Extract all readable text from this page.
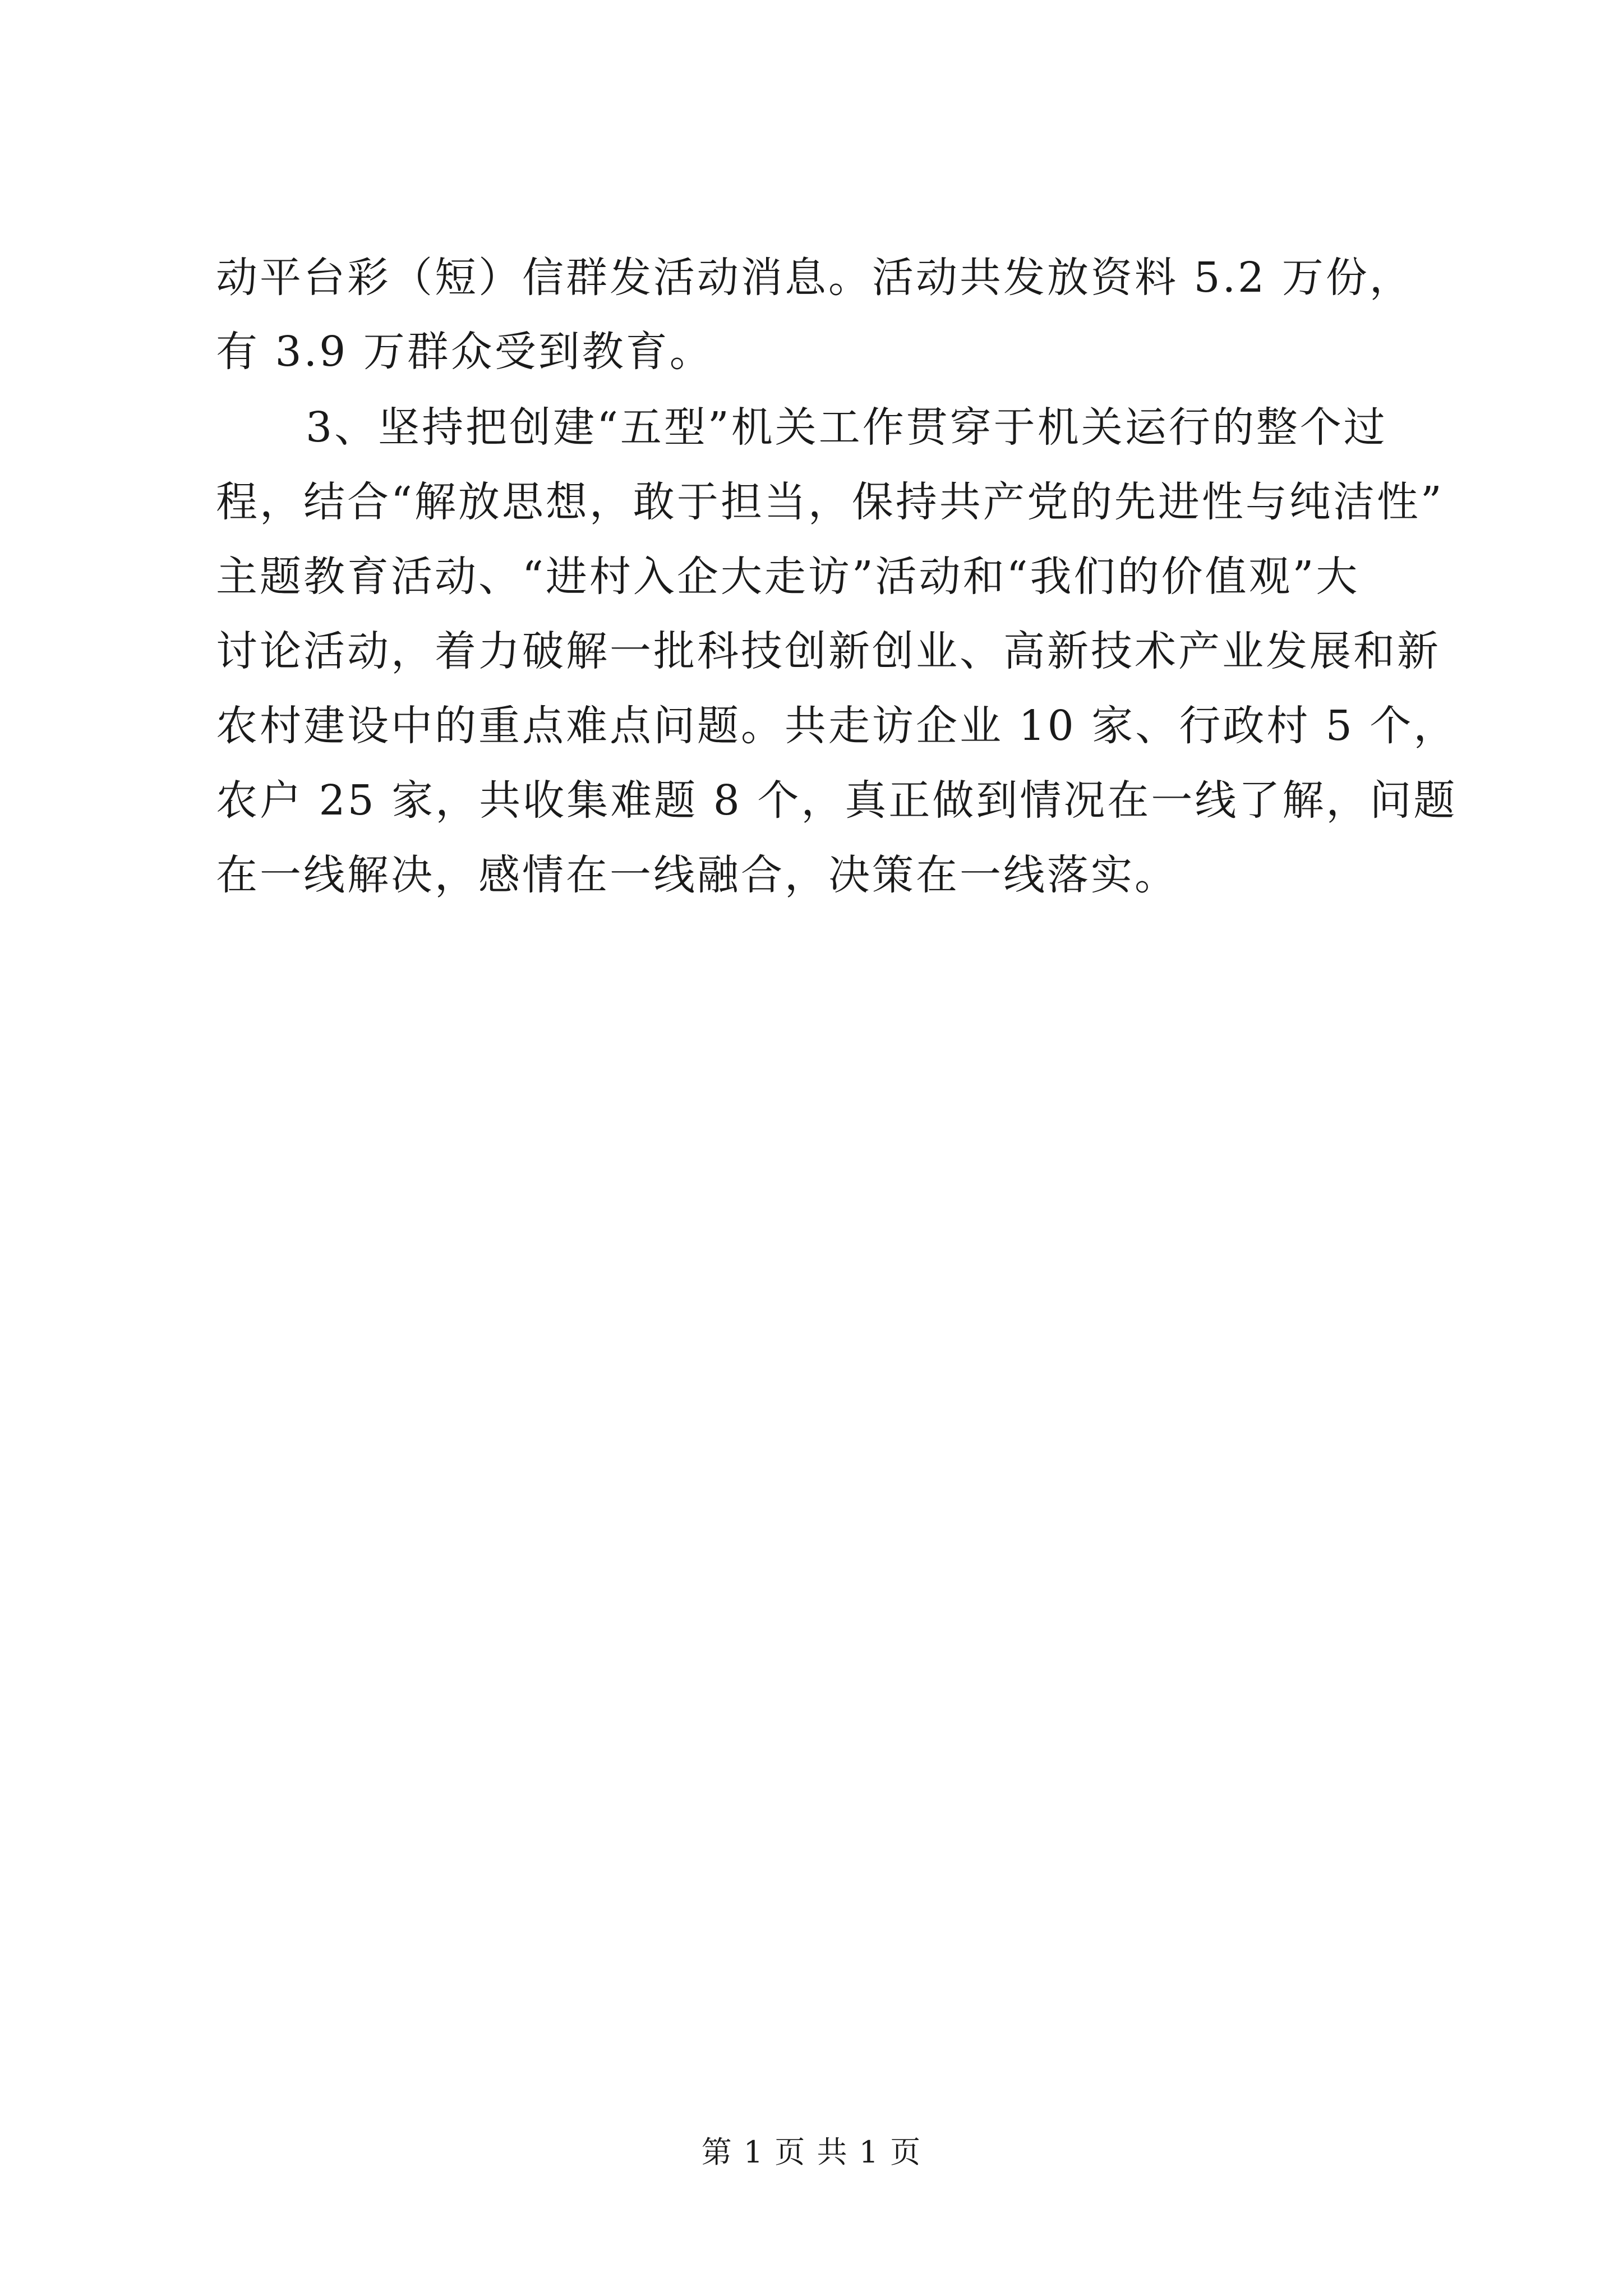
动平台彩（短）信群发活动消息。活动共发放资料 5.2 万份，
有 3.9 万群众受到教育。
3、坚持把创建“五型”机关工作贯穿于机关运行的整个过
程，结合“解放思想，敢于担当，保持共产党的先进性与纯洁性”
主题教育活动、“进村入企大走访”活动和“我们的价值观”大
讨论活动，着力破解一批科技创新创业、高新技术产业发展和新
农村建设中的重点难点问题。共走访企业 10 家、行政村 5 个，
农户 25 家，共收集难题 8 个，真正做到情况在一线了解，问题
在一线解决，感情在一线融合，决策在一线落实。
第 1 页 共 1 页
